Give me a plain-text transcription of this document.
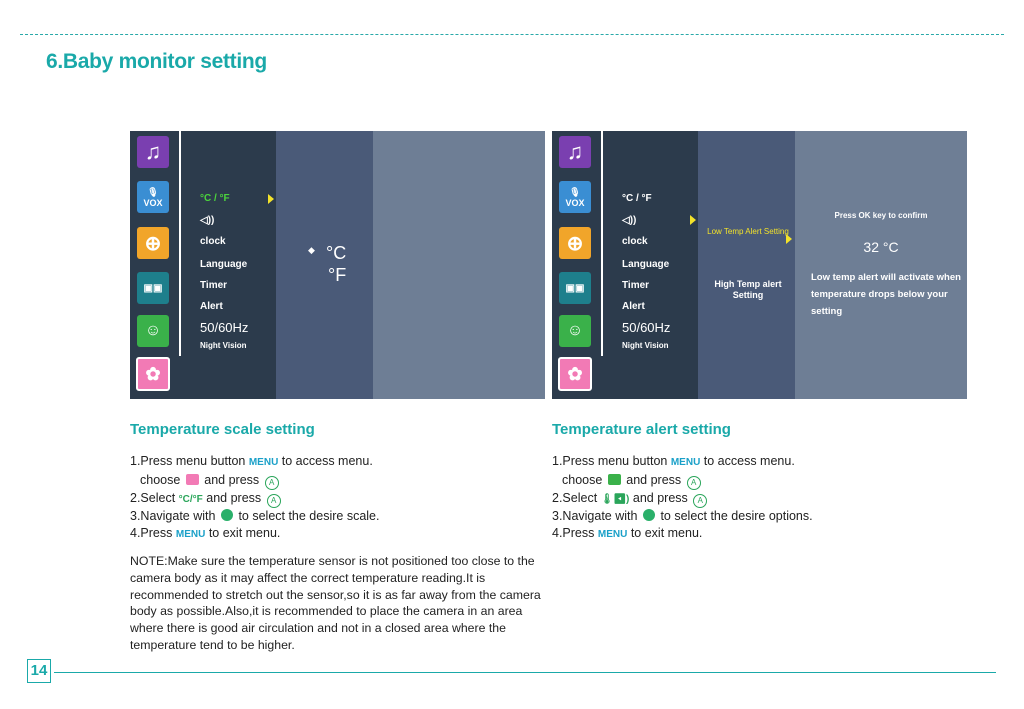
6.Baby monitor setting
♫
🎙
VOX
⊕
▣▣
☺
✿
°C / °F
◁))
clock
Language
Timer
Alert
50/60Hz
Night Vision
◆ °C
°F
♫
🎙
VOX
⊕
▣▣
☺
✿
°C / °F
◁))
clock
Language
Timer
Alert
50/60Hz
Night Vision
Low Temp Alert Setting
High Temp alert Setting
Press OK key to confirm
32 °C
Low temp alert will activate when temperature drops below your setting
Temperature scale setting
1.Press menu button MENU to access menu.
choose and press A
2.Select °C/°F and press A
3.Navigate with to select the desire scale.
4.Press MENU to exit menu.
Temperature alert setting
1.Press menu button MENU to access menu.
choose and press A
2.Select 🌡◀) and press A
3.Navigate with to select the desire options.
4.Press MENU to exit menu.
NOTE:Make sure the temperature sensor is not positioned too close to the camera body as it may affect the correct temperature reading.It is recommended to stretch out the sensor,so it is as far away from the camera body as possible.Also,it is recommended to place the camera in an area where there is good air circulation and not in a closed area where the temperature tend to be higher.
14
